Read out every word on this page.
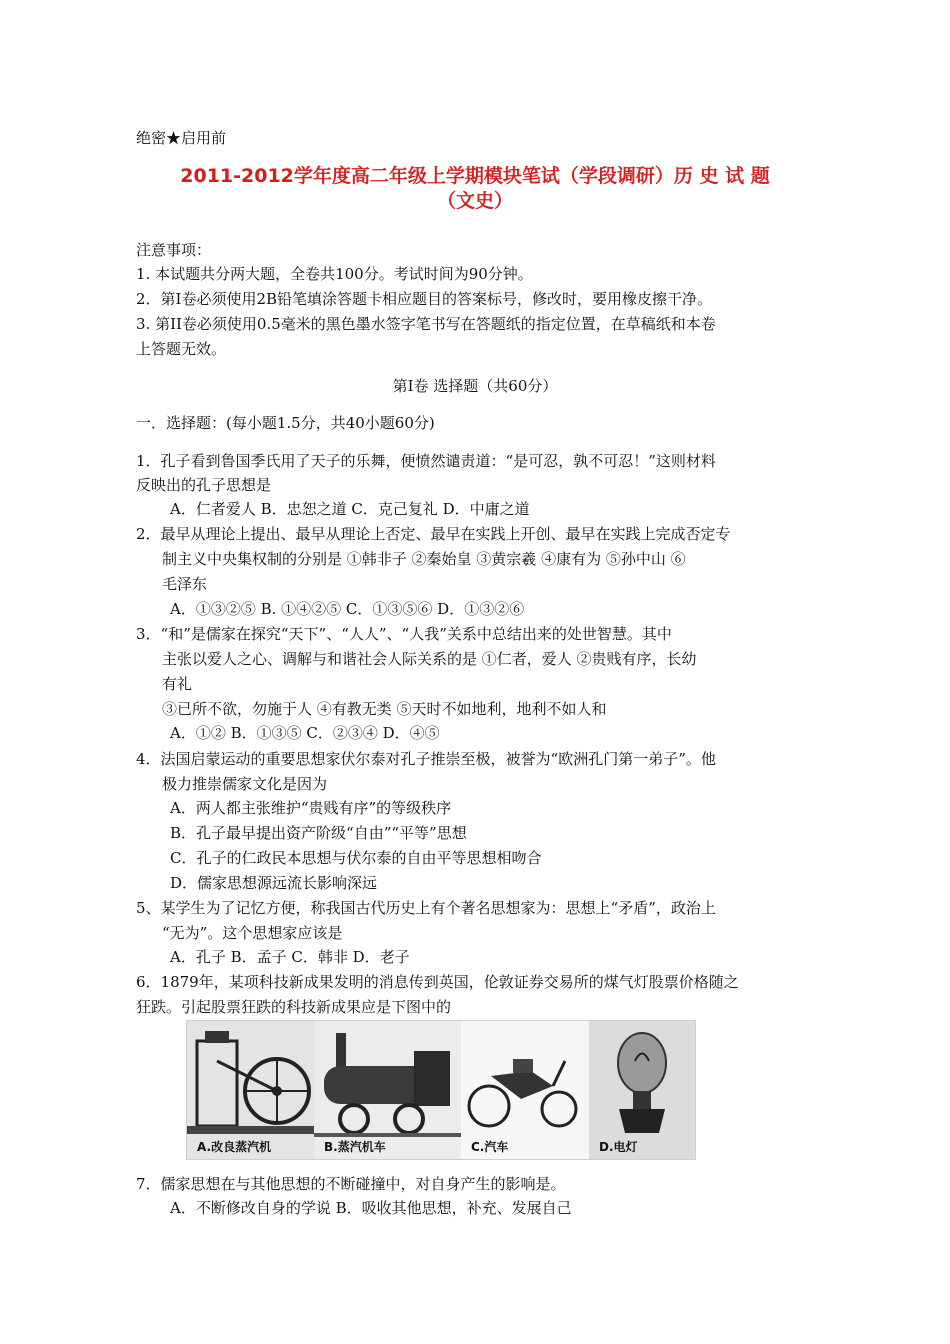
绝密★启用前
2011-2012学年度高二年级上学期模块笔试（学段调研）历 史 试 题
（文史）
注意事项：
1. 本试题共分两大题，全卷共100分。考试时间为90分钟。
2．第I卷必须使用2B铅笔填涂答题卡相应题目的答案标号，修改时，要用橡皮擦干净。
3. 第II卷必须使用0.5毫米的黑色墨水签字笔书写在答题纸的指定位置，在草稿纸和本卷
上答题无效。
第Ⅰ卷 选择题（共60分）
一．选择题：(每小题1.5分，共40小题60分)
1．孔子看到鲁国季氏用了天子的乐舞，便愤然谴责道：“是可忍，孰不可忍！”这则材料
反映出的孔子思想是
A．仁者爱人 B．忠恕之道 C．克己复礼 D．中庸之道
2．最早从理论上提出、最早从理论上否定、最早在实践上开创、最早在实践上完成否定专
制主义中央集权制的分别是 ①韩非子 ②秦始皇 ③黄宗羲 ④康有为 ⑤孙中山 ⑥
毛泽东
A．①③②⑤ B. ①④②⑤ C．①③⑤⑥ D．①③②⑥
3．“和”是儒家在探究“天下”、“人人”、“人我”关系中总结出来的处世智慧。其中
主张以爱人之心、调解与和谐社会人际关系的是 ①仁者，爱人 ②贵贱有序，长幼
有礼
③已所不欲，勿施于人 ④有教无类 ⑤天时不如地利，地利不如人和
A．①② B．①③⑤ C．②③④ D．④⑤
4．法国启蒙运动的重要思想家伏尔泰对孔子推崇至极，被誉为“欧洲孔门第一弟子”。他
极力推崇儒家文化是因为
A．两人都主张维护“贵贱有序”的等级秩序
B．孔子最早提出资产阶级“自由”“平等”思想
C．孔子的仁政民本思想与伏尔泰的自由平等思想相吻合
D．儒家思想源远流长影响深远
5、某学生为了记忆方便，称我国古代历史上有个著名思想家为：思想上“矛盾”，政治上
“无为”。这个思想家应该是
A．孔子 B．孟子 C．韩非 D．老子
6．1879年，某项科技新成果发明的消息传到英国，伦敦证券交易所的煤气灯股票价格随之
狂跌。引起股票狂跌的科技新成果应是下图中的
A.改良蒸汽机	B.蒸汽机车	C.汽车	D.电灯
7．儒家思想在与其他思想的不断碰撞中，对自身产生的影响是。
A．不断修改自身的学说 B．吸收其他思想，补充、发展自己
